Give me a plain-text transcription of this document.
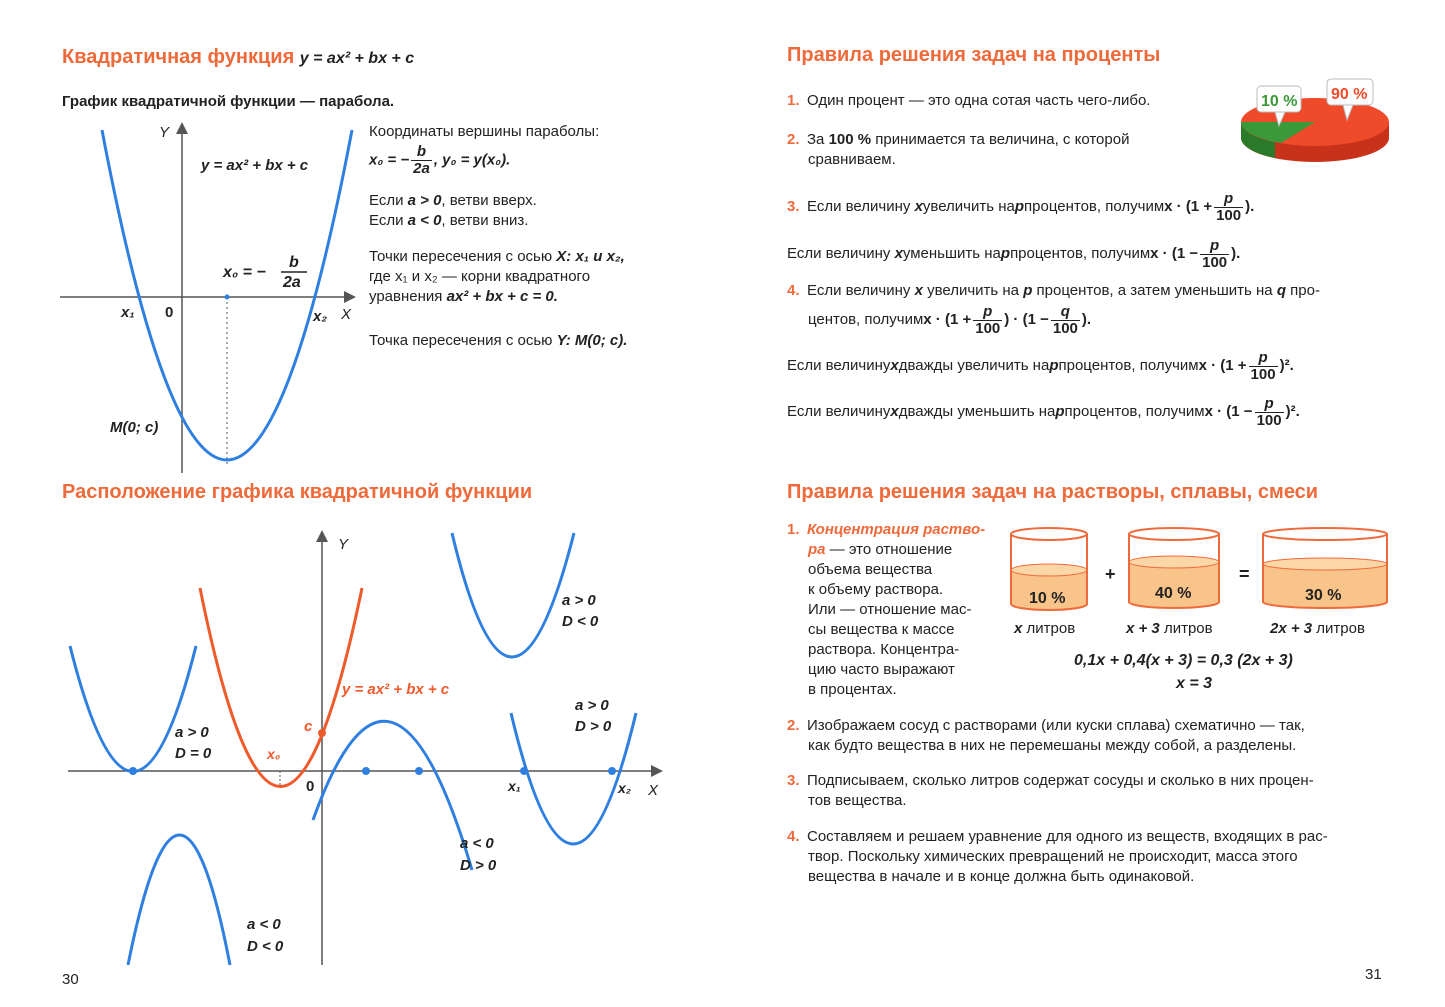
Квадратичная функция y = ax² + bx + c
График квадратичной функции — парабола.
Y
X
0
y = ax² + bx + c
x₀ = −
b
2a
x₁	x₂
M(0; c)
Координаты вершины параболы:
x₀ = − $\frac{b}{2a}$ , y₀ = y(x₀).
Если a > 0, ветви вверх.
Если a < 0, ветви вниз.
Точки пересечения с осью X: x₁ и x₂,
где x₁ и x₂ — корни квадратного
уравнения ax² + bx + c = 0.
Точка пересечения с осью Y: M(0; c).
Расположение графика квадратичной функции
Y
X
0
y = ax² + bx + c
c
x₀
x₁	x₂
a > 0
D < 0
a > 0
D = 0
a > 0
D > 0
a < 0
D > 0
a < 0
D < 0
30
Правила решения задач на проценты
10 % 90 %
1. Один процент — это одна сотая часть чего-либо.
2. За 100 % принимается та величина, с которой
сравниваем.
3. Если величину
x увеличить на p процентов, получим $x \cdot (1 + \frac{p}{100}$ ).
Если величину
x уменьшить на p процентов, получим $x \cdot (1 - \frac{p}{100}$ ).
4. Если величину x увеличить на p процентов, а затем уменьшить на q про-
центов, получим $x \cdot (1 + \frac{p}{100}$ ) · ($1 - \frac{q}{100}$ ).
Если величину x дважды увеличить на p процентов, получим $x \cdot (1 + \frac{p}{100} )^2$.
Если величину x дважды уменьшить на p процентов, получим $x \cdot (1 - \frac{p}{100} )^2$.
Правила решения задач на растворы, сплавы, смеси
1. Концентрация раство-
ра — это отношение
объема вещества
к объему раствора.
Или — отношение мас-
сы вещества к массе
раствора. Концентра-
цию часто выражают
в процентах.
10 %
+
40 %
=
30 %
x литров	x + 3 литров	2x + 3 литров
0,1x + 0,4(x + 3) = 0,3 (2x + 3)
x = 3
2. Изображаем сосуд с растворами (или куски сплава) схематично — так,
как будто вещества в них не перемешаны между собой, а разделены.
3. Подписываем, сколько литров содержат сосуды и сколько в них процен-
тов вещества.
4. Составляем и решаем уравнение для одного из веществ, входящих в рас-
твор. Поскольку химических превращений не происходит, масса этого
вещества в начале и в конце должна быть одинаковой.
31
